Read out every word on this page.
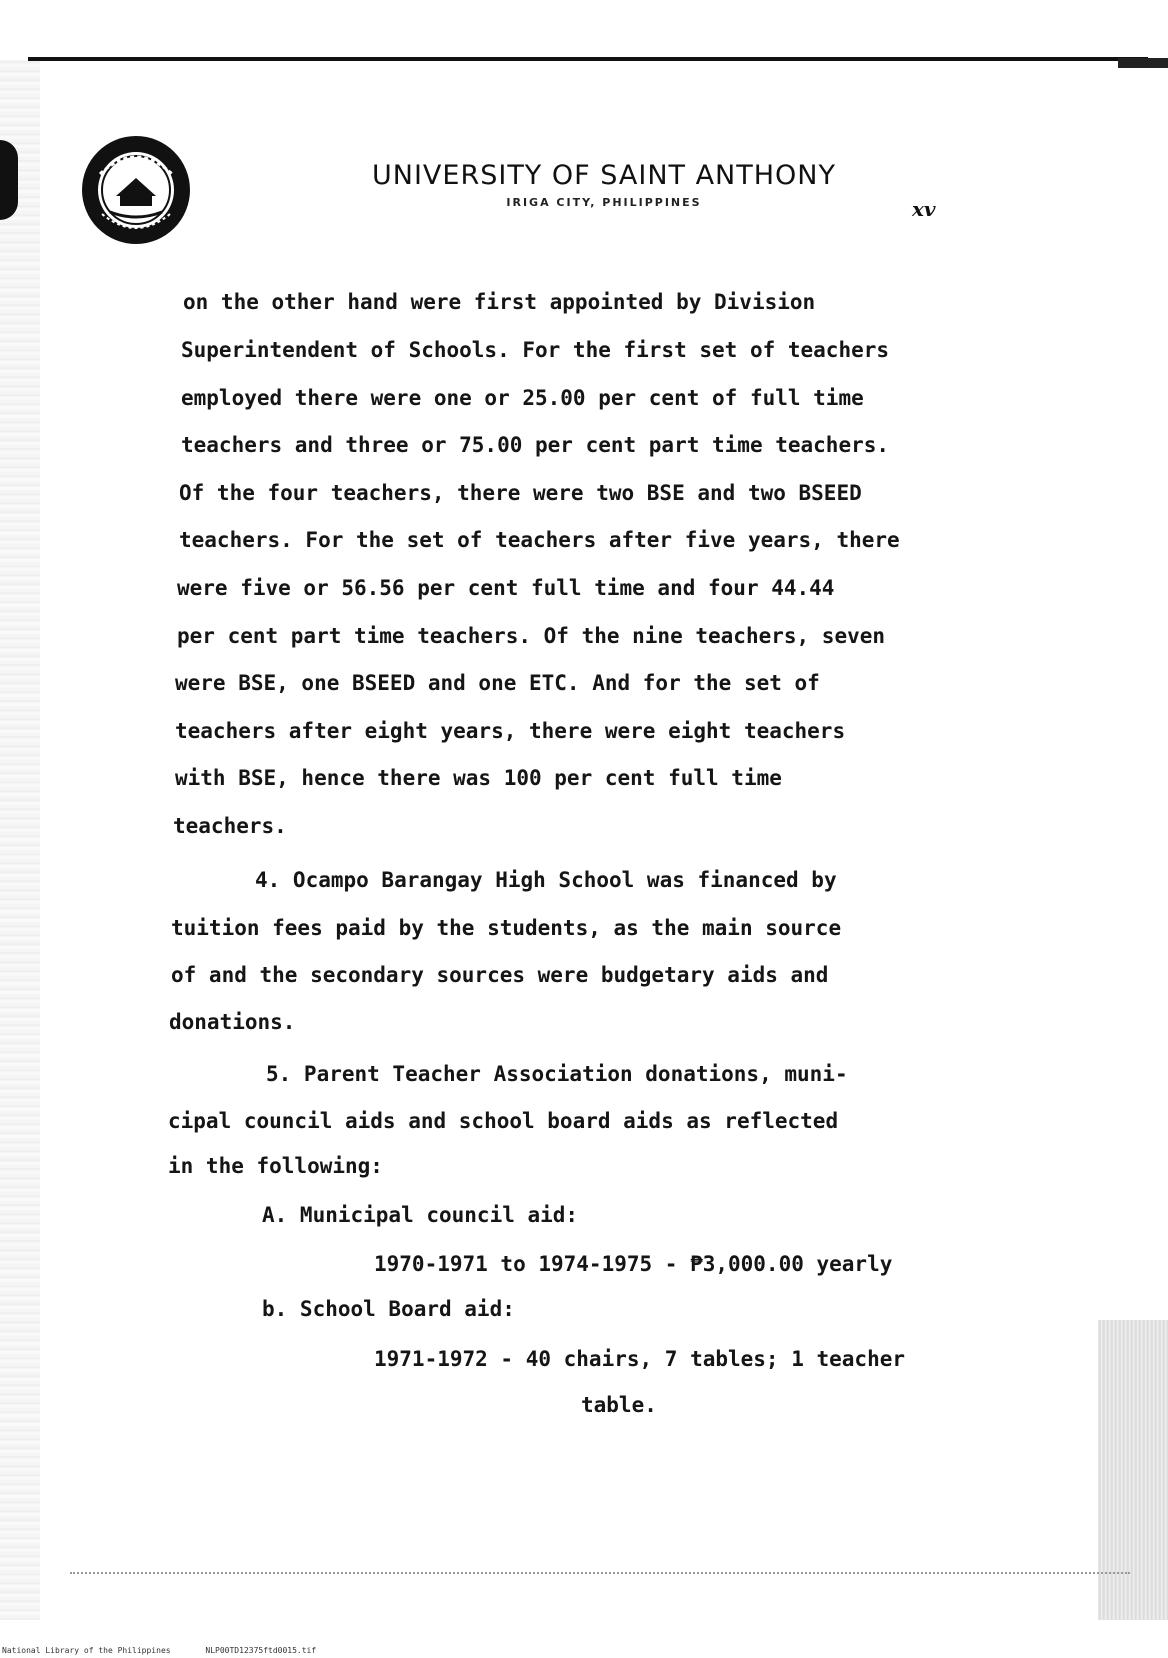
UNIVERSITY OF SAINT ANTHONY
IRIGA CITY, PHILIPPINES	xv
on the other hand were first appointed by Division
Superintendent of Schools. For the first set of teachers
employed there were one or 25.00 per cent of full time
teachers and three or 75.00 per cent part time teachers.
Of the four teachers, there were two BSE and two BSEED
teachers. For the set of teachers after five years, there
were five or 56.56 per cent full time and four 44.44
per cent part time teachers. Of the nine teachers, seven
were BSE, one BSEED and one ETC. And for the set of
teachers after eight years, there were eight teachers
with BSE, hence there was 100 per cent full time
teachers.
4. Ocampo Barangay High School was financed by
tuition fees paid by the students, as the main source
of and the secondary sources were budgetary aids and
donations.
5. Parent Teacher Association donations, muni-
cipal council aids and school board aids as reflected
in the following:
A. Municipal council aid:
1970-1971 to 1974-1975 - ₱3,000.00 yearly
b. School Board aid:
1971-1972 - 40 chairs, 7 tables; 1 teacher
table.
National Library of the Philippines	NLP00TD12375ftd0015.tif
